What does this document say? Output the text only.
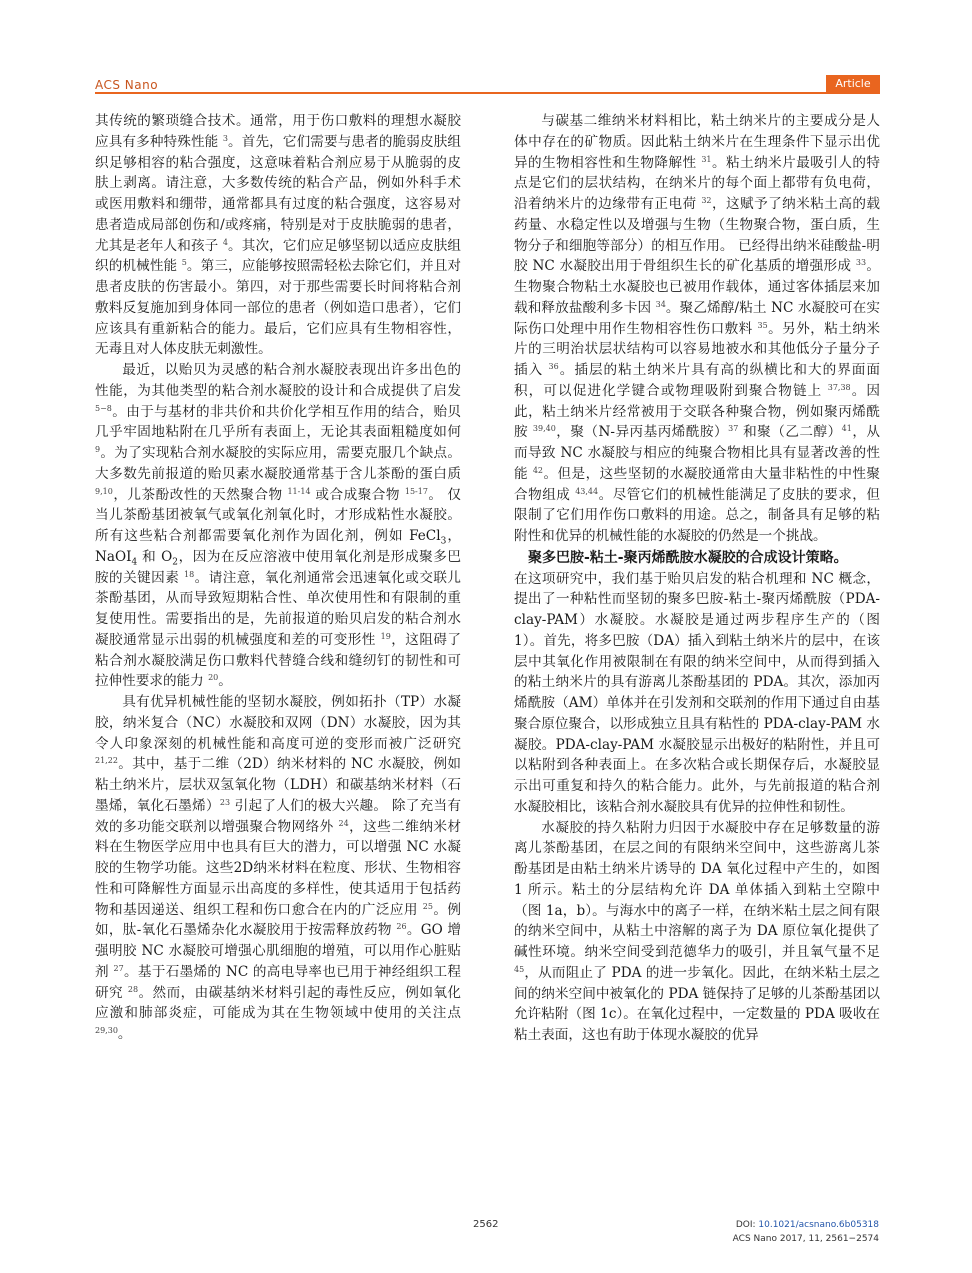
ACS Nano	Article

其传统的繁琐缝合技术。通常，用于伤口敷料的理想水凝胶应具有多种特殊性能 $^3$。首先，它们需要与患者的脆弱皮肤组织足够相容的粘合强度，这意味着粘合剂应易于从脆弱的皮肤上剥离。请注意，大多数传统的粘合产品，例如外科手术或医用敷料和绷带，通常都具有过度的粘合强度，这容易对患者造成局部创伤和/或疼痛，特别是对于皮肤脆弱的患者，尤其是老年人和孩子 $^4$。其次，它们应足够坚韧以适应皮肤组织的机械性能 $^5$。第三，应能够按照需轻松去除它们，并且对患者皮肤的伤害最小。第四，对于那些需要长时间将粘合剂敷料反复施加到身体同一部位的患者（例如造口患者），它们应该具有重新粘合的能力。最后，它们应具有生物相容性，无毒且对人体皮肤无刺激性。

最近，以贻贝为灵感的粘合剂水凝胶表现出许多出色的性能，为其他类型的粘合剂水凝胶的设计和合成提供了启发 $^{5-8}$。由于与基材的非共价和共价化学相互作用的结合，贻贝几乎牢固地粘附在几乎所有表面上，无论其表面粗糙度如何 $^9$。为了实现粘合剂水凝胶的实际应用，需要克服几个缺点。 大多数先前报道的贻贝素水凝胶通常基于含儿茶酚的蛋白质 $^{9,10}$，儿茶酚改性的天然聚合物 $^{11-14}$ 或合成聚合物 $^{15-17}$。 仅当儿茶酚基团被氧气或氧化剂氧化时，才形成粘性水凝胶。所有这些粘合剂都需要氧化剂作为固化剂，例如 FeCl$_3$，NaOI$_4$ 和 $O_2$，因为在反应溶液中使用氧化剂是形成聚多巴胺的关键因素 $^{18}$。请注意，氧化剂通常会迅速氧化或交联儿茶酚基团，从而导致短期粘合性、单次使用性和有限制的重复使用性。需要指出的是，先前报道的贻贝启发的粘合剂水凝胶通常显示出弱的机械强度和差的可变形性 $^{19}$，这阻碍了粘合剂水凝胶满足伤口敷料代替缝合线和缝纫钉的韧性和可拉伸性要求的能力 $^{20}$。

具有优异机械性能的坚韧水凝胶，例如拓扑（TP）水凝胶，纳米复合（NC）水凝胶和双网（DN）水凝胶，因为其令人印象深刻的机械性能和高度可逆的变形而被广泛研究 $^{21,22}$。其中，基于二维（2D）纳米材料的 NC 水凝胶，例如粘土纳米片，层状双氢氧化物（LDH）和碳基纳米材料（石墨烯，氧化石墨烯）$^{23}$ 引起了人们的极大兴趣。 除了充当有效的多功能交联剂以增强聚合物网络外 $^{24}$，这些二维纳米材料在生物医学应用中也具有巨大的潜力，可以增强 NC 水凝胶的生物学功能。这些2D纳米材料在粒度、形状、生物相容性和可降解性方面显示出高度的多样性，使其适用于包括药物和基因递送、组织工程和伤口愈合在内的广泛应用 $^{25}$。例如，肽-氧化石墨烯杂化水凝胶用于按需释放药物 $^{26}$。GO 增强明胶 NC 水凝胶可增强心肌细胞的增殖，可以用作心脏贴剂 $^{27}$。基于石墨烯的 NC 的高电导率也已用于神经组织工程研究 $^{28}$。然而，由碳基纳米材料引起的毒性反应，例如氧化应激和肺部炎症，可能成为其在生物领域中使用的关注点 $^{29,30}$。

与碳基二维纳米材料相比，粘土纳米片的主要成分是人体中存在的矿物质。因此粘土纳米片在生理条件下显示出优异的生物相容性和生物降解性 $^{31}$。粘土纳米片最吸引人的特点是它们的层状结构，在纳米片的每个面上都带有负电荷，沿着纳米片的边缘带有正电荷 $^{32}$，这赋予了纳米粘土高的载药量、水稳定性以及增强与生物（生物聚合物，蛋白质，生物分子和细胞等部分）的相互作用。 已经得出纳米硅酸盐-明胶 NC 水凝胶出用于骨组织生长的矿化基质的增强形成 $^{33}$。生物聚合物粘土水凝胶也已被用作载体，通过客体插层来加载和释放盐酸利多卡因 $^{34}$。聚乙烯醇/粘土 NC 水凝胶可在实际伤口处理中用作生物相容性伤口敷料 $^{35}$。另外，粘土纳米片的三明治状层状结构可以容易地被水和其他低分子量分子插入 $^{36}$。插层的粘土纳米片具有高的纵横比和大的界面面积，可以促进化学键合或物理吸附到聚合物链上 $^{37,38}$。因此，粘土纳米片经常被用于交联各种聚合物，例如聚丙烯酰胺 $^{39,40}$，聚（N-异丙基丙烯酰胺）$^{37}$ 和聚（乙二醇）$^{41}$，从而导致 NC 水凝胶与相应的纯聚合物相比具有显著改善的性能 $^{42}$。但是，这些坚韧的水凝胶通常由大量非粘性的中性聚合物组成 $^{43,44}$。尽管它们的机械性能满足了皮肤的要求，但限制了它们用作伤口敷料的用途。总之，制备具有足够的粘附性和优异的机械性能的水凝胶的仍然是一个挑战。

聚多巴胺-粘土-聚丙烯酰胺水凝胶的合成设计策略。

在这项研究中，我们基于贻贝启发的粘合机理和 NC 概念，提出了一种粘性而坚韧的聚多巴胺-粘土-聚丙烯酰胺（PDA-clay-PAM）水凝胶。水凝胶是通过两步程序生产的（图 1）。首先，将多巴胺（DA）插入到粘土纳米片的层中，在该层中其氧化作用被限制在有限的纳米空间中，从而得到插入的粘土纳米片的具有游离儿茶酚基团的 PDA。其次，添加丙烯酰胺（AM）单体并在引发剂和交联剂的作用下通过自由基聚合原位聚合，以形成独立且具有粘性的 PDA-clay-PAM 水凝胶。PDA-clay-PAM 水凝胶显示出极好的粘附性，并且可以粘附到各种表面上。在多次粘合或长期保存后，水凝胶显示出可重复和持久的粘合能力。此外，与先前报道的粘合剂水凝胶相比，该粘合剂水凝胶具有优异的拉伸性和韧性。

水凝胶的持久粘附力归因于水凝胶中存在足够数量的游离儿茶酚基团，在层之间的有限纳米空间中，这些游离儿茶酚基团是由粘土纳米片诱导的 DA 氧化过程中产生的，如图 1 所示。粘土的分层结构允许 DA 单体插入到粘土空隙中（图 1a，b）。与海水中的离子一样，在纳米粘土层之间有限的纳米空间中，从粘土中溶解的离子为 DA 原位氧化提供了碱性环境。纳米空间受到范德华力的吸引，并且氧气量不足 $^{45}$，从而阻止了 PDA 的进一步氧化。因此，在纳米粘土层之间的纳米空间中被氧化的 PDA 链保持了足够的儿茶酚基团以允许粘附（图 1c）。在氧化过程中，一定数量的 PDA 吸收在粘土表面，这也有助于体现水凝胶的优异

2562	DOI: 10.1021/acsnano.6b05318
ACS Nano 2017, 11, 2561−2574
